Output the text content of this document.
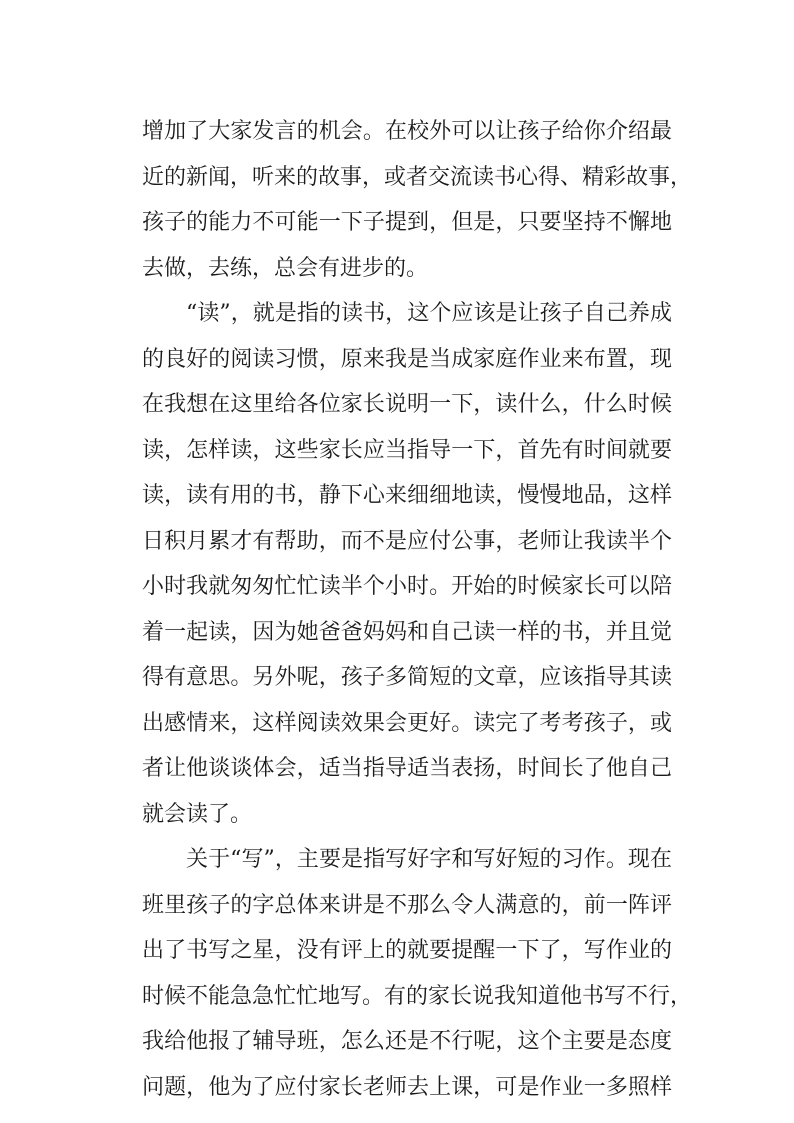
增加了大家发言的机会。在校外可以让孩子给你介绍最
近的新闻，听来的故事，或者交流读书心得、精彩故事，
孩子的能力不可能一下子提到，但是，只要坚持不懈地
去做，去练，总会有进步的。
“读”，就是指的读书，这个应该是让孩子自己养成
的良好的阅读习惯，原来我是当成家庭作业来布置，现
在我想在这里给各位家长说明一下，读什么，什么时候
读，怎样读，这些家长应当指导一下，首先有时间就要
读，读有用的书，静下心来细细地读，慢慢地品，这样
日积月累才有帮助，而不是应付公事，老师让我读半个
小时我就匆匆忙忙读半个小时。开始的时候家长可以陪
着一起读，因为她爸爸妈妈和自己读一样的书，并且觉
得有意思。另外呢，孩子多简短的文章，应该指导其读
出感情来，这样阅读效果会更好。读完了考考孩子，或
者让他谈谈体会，适当指导适当表扬，时间长了他自己
就会读了。
关于“写”，主要是指写好字和写好短的习作。现在
班里孩子的字总体来讲是不那么令人满意的，前一阵评
出了书写之星，没有评上的就要提醒一下了，写作业的
时候不能急急忙忙地写。有的家长说我知道他书写不行，
我给他报了辅导班，怎么还是不行呢，这个主要是态度
问题，他为了应付家长老师去上课，可是作业一多照样
